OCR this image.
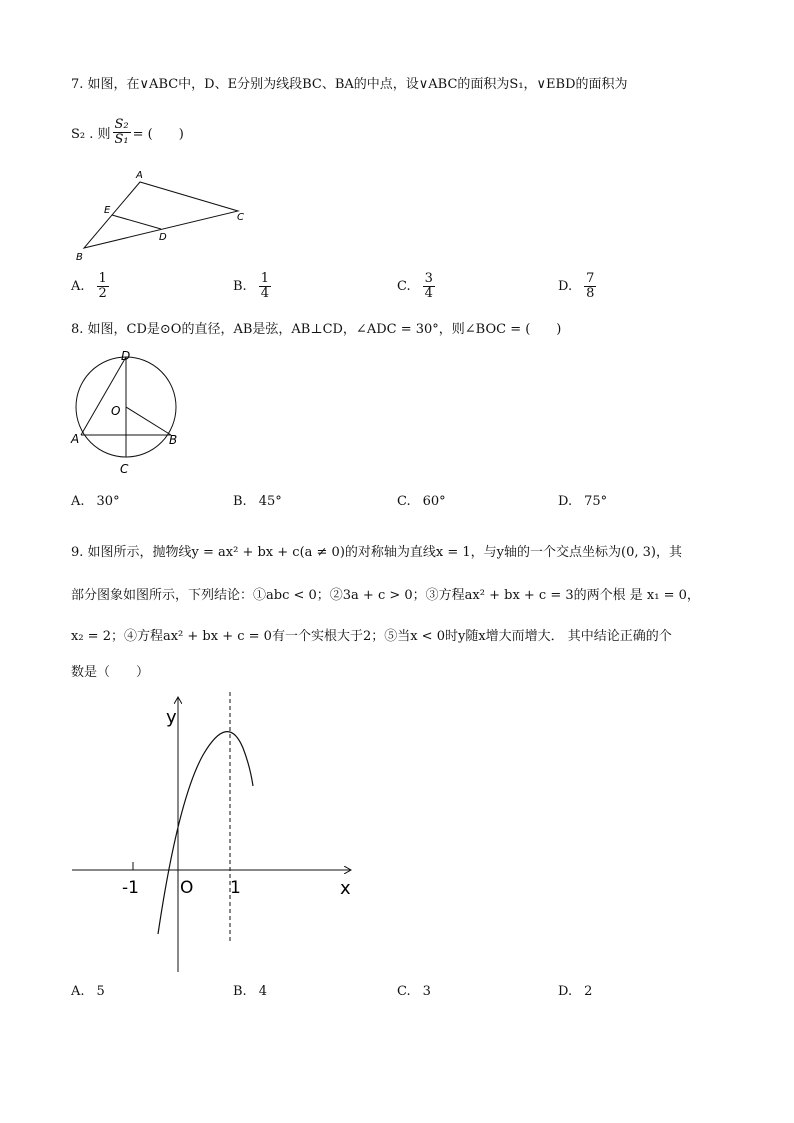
7. 如图，在∨ABC中，D、E分别为线段BC、BA的中点，设∨ABC的面积为S₁，∨EBD的面积为
S₂ . 则 $\frac{\text{S₂}}{\text{S₁}}$ = (　　)
A
B
C
D
E
A. $\frac{1}{2}$	B. $\frac{1}{4}$	C. $\frac{3}{4}$	D. $\frac{7}{8}$
8. 如图，CD是⊙O的直径，AB是弦，AB⊥CD，∠ADC = 30°，则∠BOC = (　　)
D
O
A	B
C
A. 30°	B. 45°	C. 60°	D. 75°
9. 如图所示，抛物线y = ax² + bx + c(a ≠ 0)的对称轴为直线x = 1，与y轴的一个交点坐标为(0, 3)，其
部分图象如图所示，下列结论：①abc < 0；②3a + c > 0；③方程ax² + bx + c = 3的两个根 是 x₁ = 0，
x₂ = 2；④方程ax² + bx + c = 0有一个实根大于2；⑤当x < 0时y随x增大而增大． 其中结论正确的个
数是（　　）
y
x
-1 O 1
A. 5	B. 4	C. 3	D. 2
